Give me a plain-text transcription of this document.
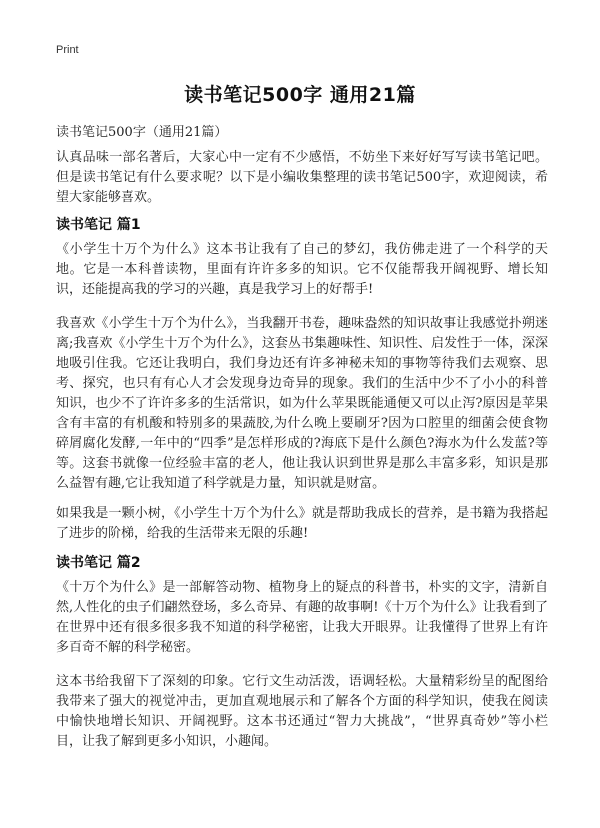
Print
读书笔记500字 通用21篇
读书笔记500字（通用21篇）
认真品味一部名著后，大家心中一定有不少感悟，不妨坐下来好好写写读书笔记吧。但是读书笔记有什么要求呢？以下是小编收集整理的读书笔记500字，欢迎阅读，希望大家能够喜欢。
读书笔记 篇1
《小学生十万个为什么》这本书让我有了自己的梦幻，我仿佛走进了一个科学的天地。它是一本科普读物，里面有许许多多的知识。它不仅能帮我开阔视野、增长知识，还能提高我的学习的兴趣，真是我学习上的好帮手!
我喜欢《小学生十万个为什么》，当我翻开书卷，趣味盎然的知识故事让我感觉扑朔迷离;我喜欢《小学生十万个为什么》，这套丛书集趣味性、知识性、启发性于一体，深深地吸引住我。它还让我明白，我们身边还有许多神秘未知的事物等待我们去观察、思考、探究，也只有有心人才会发现身边奇异的现象。我们的生活中少不了小小的科普知识，也少不了许许多多的生活常识，如为什么苹果既能通便又可以止泻?原因是苹果含有丰富的有机酸和特别多的果蔬胶,为什么晚上要刷牙?因为口腔里的细菌会使食物碎屑腐化发酵,一年中的“四季”是怎样形成的?海底下是什么颜色?海水为什么发蓝?等等。这套书就像一位经验丰富的老人，他让我认识到世界是那么丰富多彩，知识是那么益智有趣,它让我知道了科学就是力量，知识就是财富。
如果我是一颗小树，《小学生十万个为什么》就是帮助我成长的营养，是书籍为我搭起了进步的阶梯，给我的生活带来无限的乐趣!
读书笔记 篇2
《十万个为什么》是一部解答动物、植物身上的疑点的科普书，朴实的文字，清新自然,人性化的虫子们翩然登场，多么奇异、有趣的故事啊!《十万个为什么》让我看到了在世界中还有很多很多我不知道的科学秘密，让我大开眼界。让我懂得了世界上有许多百奇不解的科学秘密。
这本书给我留下了深刻的印象。它行文生动活泼，语调轻松。大量精彩纷呈的配图给我带来了强大的视觉冲击，更加直观地展示和了解各个方面的科学知识，使我在阅读中愉快地增长知识、开阔视野。这本书还通过“智力大挑战”，“世界真奇妙”等小栏目，让我了解到更多小知识，小趣闻。
